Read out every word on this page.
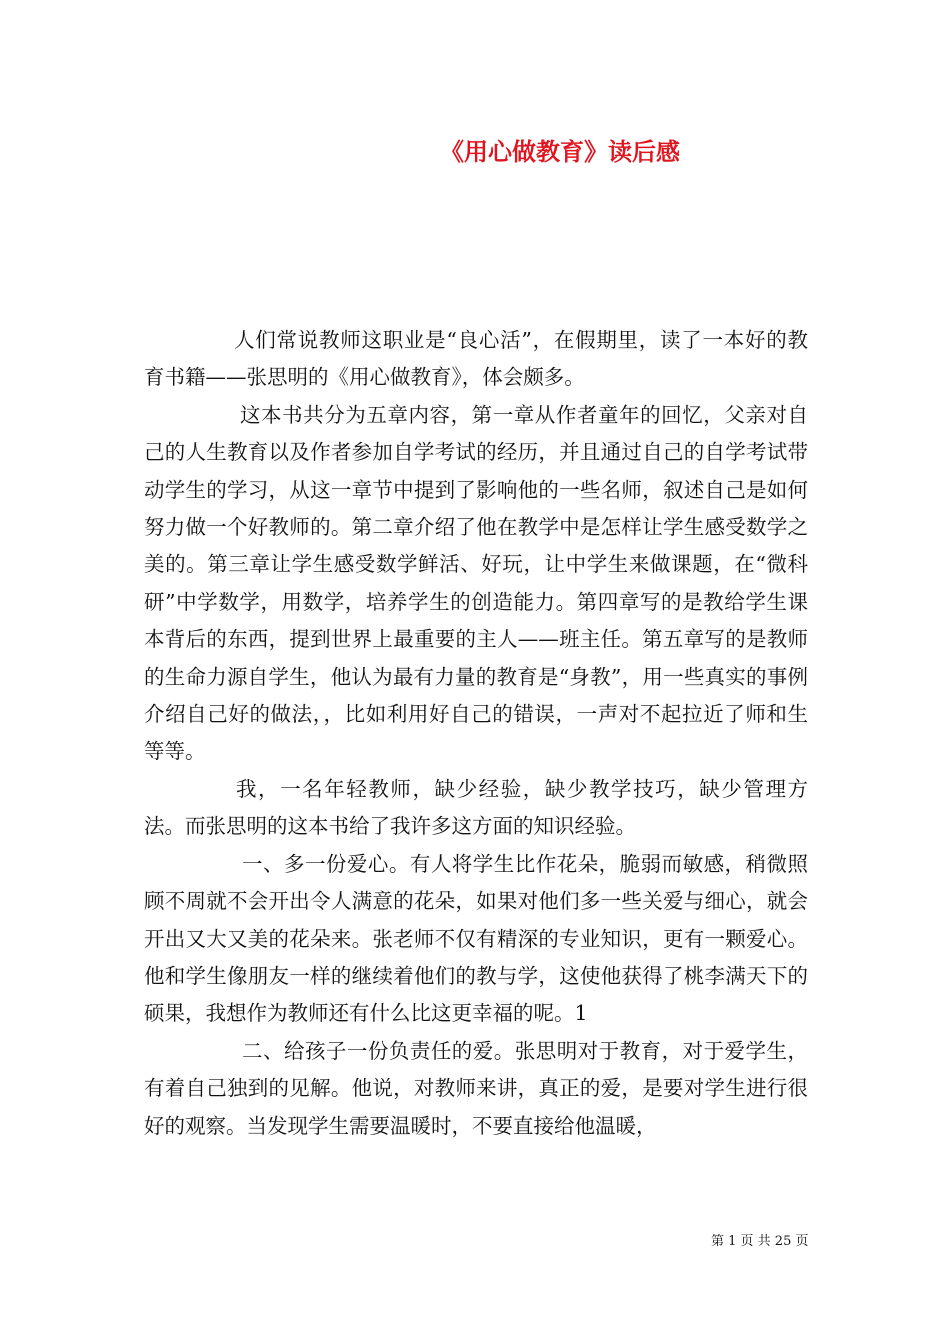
《用心做教育》读后感

人们常说教师这职业是“良心活”，在假期里，读了一本好的教育书籍——张思明的《用心做教育》，体会颇多。

这本书共分为五章内容，第一章从作者童年的回忆，父亲对自己的人生教育以及作者参加自学考试的经历，并且通过自己的自学考试带动学生的学习，从这一章节中提到了影响他的一些名师，叙述自己是如何努力做一个好教师的。第二章介绍了他在教学中是怎样让学生感受数学之美的。第三章让学生感受数学鲜活、好玩，让中学生来做课题，在“微科研”中学数学，用数学，培养学生的创造能力。第四章写的是教给学生课本背后的东西，提到世界上最重要的主人——班主任。第五章写的是教师的生命力源自学生，他认为最有力量的教育是“身教”，用一些真实的事例介绍自己好的做法，，比如利用好自己的错误，一声对不起拉近了师和生等等。

我，一名年轻教师，缺少经验，缺少教学技巧，缺少管理方法。而张思明的这本书给了我许多这方面的知识经验。

一、多一份爱心。有人将学生比作花朵，脆弱而敏感，稍微照顾不周就不会开出令人满意的花朵，如果对他们多一些关爱与细心，就会开出又大又美的花朵来。张老师不仅有精深的专业知识，更有一颗爱心。他和学生像朋友一样的继续着他们的教与学，这使他获得了桃李满天下的硕果，我想作为教师还有什么比这更幸福的呢。1

二、给孩子一份负责任的爱。张思明对于教育，对于爱学生，有着自己独到的见解。他说，对教师来讲，真正的爱，是要对学生进行很好的观察。当发现学生需要温暖时，不要直接给他温暖，

第 1 页 共 25 页
